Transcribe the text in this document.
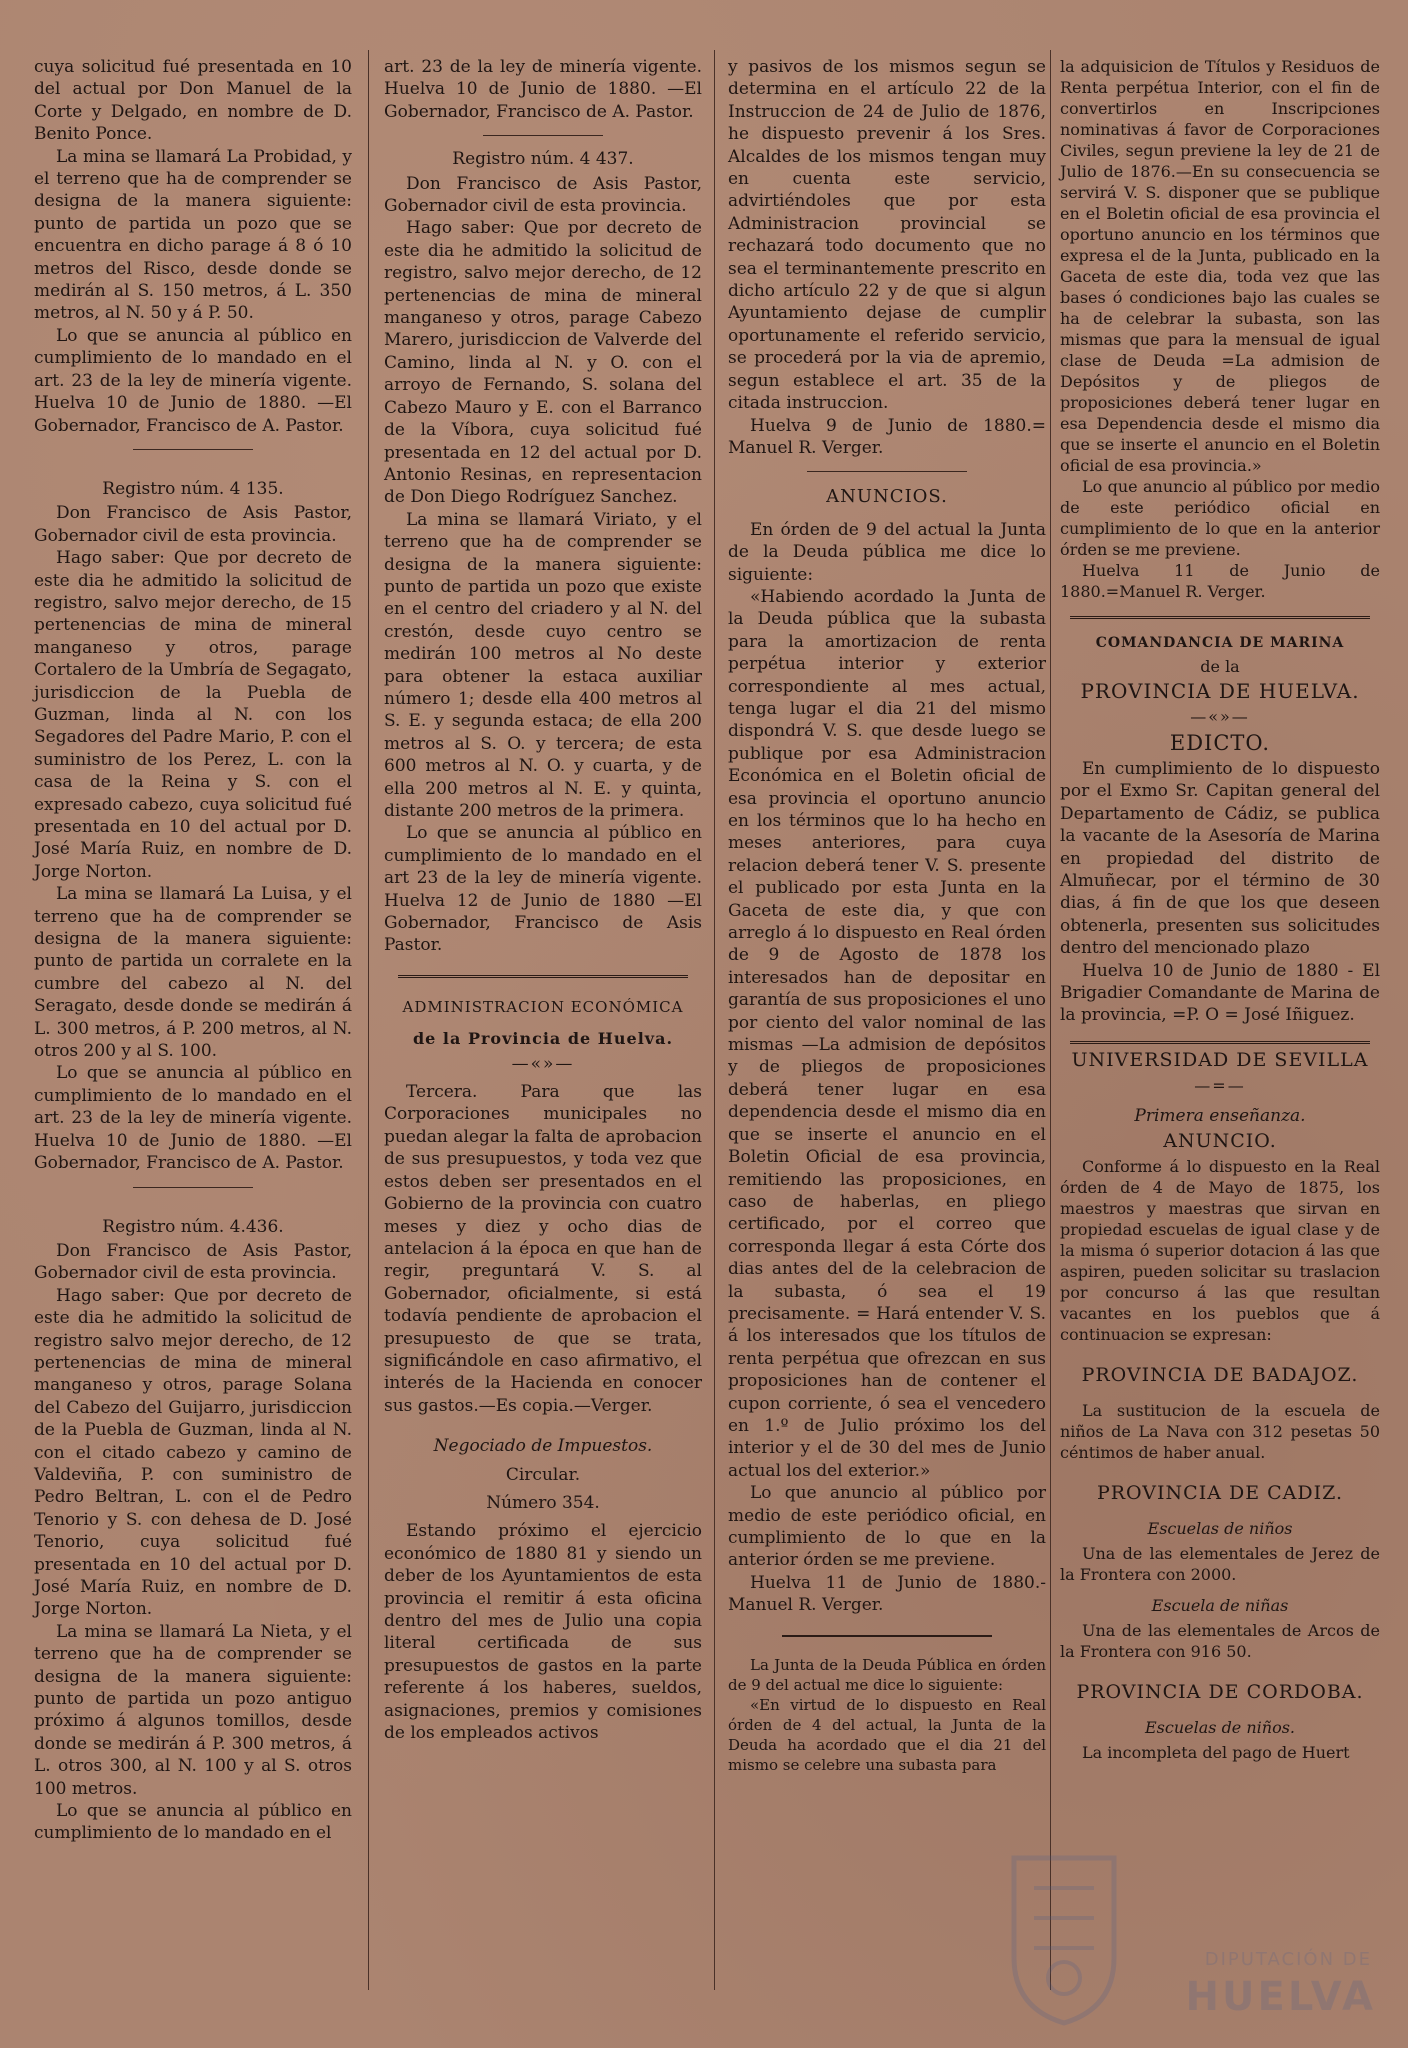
cuya solicitud fué presentada en 10 del actual por Don Manuel de la Corte y Delgado, en nombre de D. Benito Ponce.

La mina se llamará La Probidad, y el terreno que ha de comprender se designa de la manera siguiente: punto de partida un pozo que se encuentra en dicho parage á 8 ó 10 metros del Risco, desde donde se medirán al S. 150 metros, á L. 350 metros, al N. 50 y á P. 50.

Lo que se anuncia al público en cumplimiento de lo mandado en el art. 23 de la ley de minería vigente. Huelva 10 de Junio de 1880. —El Gobernador, Francisco de A. Pastor.

Registro núm. 4 135.

Don Francisco de Asis Pastor, Gobernador civil de esta provincia.

Hago saber: Que por decreto de este dia he admitido la solicitud de registro, salvo mejor derecho, de 15 pertenencias de mina de mineral manganeso y otros, parage Cortalero de la Umbría de Segagato, jurisdiccion de la Puebla de Guzman, linda al N. con los Segadores del Padre Mario, P. con el suministro de los Perez, L. con la casa de la Reina y S. con el expresado cabezo, cuya solicitud fué presentada en 10 del actual por D. José María Ruiz, en nombre de D. Jorge Norton.

La mina se llamará La Luisa, y el terreno que ha de comprender se designa de la manera siguiente: punto de partida un corralete en la cumbre del cabezo al N. del Seragato, desde donde se medirán á L. 300 metros, á P. 200 metros, al N. otros 200 y al S. 100.

Lo que se anuncia al público en cumplimiento de lo mandado en el art. 23 de la ley de minería vigente. Huelva 10 de Junio de 1880. —El Gobernador, Francisco de A. Pastor.

Registro núm. 4.436.

Don Francisco de Asis Pastor, Gobernador civil de esta provincia.

Hago saber: Que por decreto de este dia he admitido la solicitud de registro salvo mejor derecho, de 12 pertenencias de mina de mineral manganeso y otros, parage Solana del Cabezo del Guijarro, jurisdiccion de la Puebla de Guzman, linda al N. con el citado cabezo y camino de Valdeviña, P. con suministro de Pedro Beltran, L. con el de Pedro Tenorio y S. con dehesa de D. José Tenorio, cuya solicitud fué presentada en 10 del actual por D. José María Ruiz, en nombre de D. Jorge Norton.

La mina se llamará La Nieta, y el terreno que ha de comprender se designa de la manera siguiente: punto de partida un pozo antiguo próximo á algunos tomillos, desde donde se medirán á P. 300 metros, á L. otros 300, al N. 100 y al S. otros 100 metros.

Lo que se anuncia al público en cumplimiento de lo mandado en el

art. 23 de la ley de minería vigente. Huelva 10 de Junio de 1880. —El Gobernador, Francisco de A. Pastor.

Registro núm. 4 437.

Don Francisco de Asis Pastor, Gobernador civil de esta provincia.

Hago saber: Que por decreto de este dia he admitido la solicitud de registro, salvo mejor derecho, de 12 pertenencias de mina de mineral manganeso y otros, parage Cabezo Marero, jurisdiccion de Valverde del Camino, linda al N. y O. con el arroyo de Fernando, S. solana del Cabezo Mauro y E. con el Barranco de la Víbora, cuya solicitud fué presentada en 12 del actual por D. Antonio Resinas, en representacion de Don Diego Rodríguez Sanchez.

La mina se llamará Viriato, y el terreno que ha de comprender se designa de la manera siguiente: punto de partida un pozo que existe en el centro del criadero y al N. del crestón, desde cuyo centro se medirán 100 metros al No deste para obtener la estaca auxiliar número 1; desde ella 400 metros al S. E. y segunda estaca; de ella 200 metros al S. O. y tercera; de esta 600 metros al N. O. y cuarta, y de ella 200 metros al N. E. y quinta, distante 200 metros de la primera.

Lo que se anuncia al público en cumplimiento de lo mandado en el art 23 de la ley de minería vigente. Huelva 12 de Junio de 1880 —El Gobernador, Francisco de Asis Pastor.

ADMINISTRACION ECONÓMICA

de la Provincia de Huelva.

—«»—

Tercera. Para que las Corporaciones municipales no puedan alegar la falta de aprobacion de sus presupuestos, y toda vez que estos deben ser presentados en el Gobierno de la provincia con cuatro meses y diez y ocho dias de antelacion á la época en que han de regir, preguntará V. S. al Gobernador, oficialmente, si está todavía pendiente de aprobacion el presupuesto de que se trata, significándole en caso afirmativo, el interés de la Hacienda en conocer sus gastos.—Es copia.—Verger.

Negociado de Impuestos.

Circular.

Número 354.

Estando próximo el ejercicio económico de 1880 81 y siendo un deber de los Ayuntamientos de esta provincia el remitir á esta oficina dentro del mes de Julio una copia literal certificada de sus presupuestos de gastos en la parte referente á los haberes, sueldos, asignaciones, premios y comisiones de los empleados activos

y pasivos de los mismos segun se determina en el artículo 22 de la Instruccion de 24 de Julio de 1876, he dispuesto prevenir á los Sres. Alcaldes de los mismos tengan muy en cuenta este servicio, advirtiéndoles que por esta Administracion provincial se rechazará todo documento que no sea el terminantemente prescrito en dicho artículo 22 y de que si algun Ayuntamiento dejase de cumplir oportunamente el referido servicio, se procederá por la via de apremio, segun establece el art. 35 de la citada instruccion.

Huelva 9 de Junio de 1880.= Manuel R. Verger.

ANUNCIOS.

En órden de 9 del actual la Junta de la Deuda pública me dice lo siguiente:

«Habiendo acordado la Junta de la Deuda pública que la subasta para la amortizacion de renta perpétua interior y exterior correspondiente al mes actual, tenga lugar el dia 21 del mismo dispondrá V. S. que desde luego se publique por esa Administracion Económica en el Boletin oficial de esa provincia el oportuno anuncio en los términos que lo ha hecho en meses anteriores, para cuya relacion deberá tener V. S. presente el publicado por esta Junta en la Gaceta de este dia, y que con arreglo á lo dispuesto en Real órden de 9 de Agosto de 1878 los interesados han de depositar en garantía de sus proposiciones el uno por ciento del valor nominal de las mismas —La admision de depósitos y de pliegos de proposiciones deberá tener lugar en esa dependencia desde el mismo dia en que se inserte el anuncio en el Boletin Oficial de esa provincia, remitiendo las proposiciones, en caso de haberlas, en pliego certificado, por el correo que corresponda llegar á esta Córte dos dias antes del de la celebracion de la subasta, ó sea el 19 precisamente. = Hará entender V. S. á los interesados que los títulos de renta perpétua que ofrezcan en sus proposiciones han de contener el cupon corriente, ó sea el vencedero en 1.º de Julio próximo los del interior y el de 30 del mes de Junio actual los del exterior.»

Lo que anuncio al público por medio de este periódico oficial, en cumplimiento de lo que en la anterior órden se me previene.

Huelva 11 de Junio de 1880.- Manuel R. Verger.

La Junta de la Deuda Pública en órden de 9 del actual me dice lo siguiente:

«En virtud de lo dispuesto en Real órden de 4 del actual, la Junta de la Deuda ha acordado que el dia 21 del mismo se celebre una subasta para

la adquisicion de Títulos y Residuos de Renta perpétua Interior, con el fin de convertirlos en Inscripciones nominativas á favor de Corporaciones Civiles, segun previene la ley de 21 de Julio de 1876.—En su consecuencia se servirá V. S. disponer que se publique en el Boletin oficial de esa provincia el oportuno anuncio en los términos que expresa el de la Junta, publicado en la Gaceta de este dia, toda vez que las bases ó condiciones bajo las cuales se ha de celebrar la subasta, son las mismas que para la mensual de igual clase de Deuda =La admision de Depósitos y de pliegos de proposiciones deberá tener lugar en esa Dependencia desde el mismo dia que se inserte el anuncio en el Boletin oficial de esa provincia.»

Lo que anuncio al público por medio de este periódico oficial en cumplimiento de lo que en la anterior órden se me previene.

Huelva 11 de Junio de 1880.=Manuel R. Verger.

COMANDANCIA DE MARINA

de la

PROVINCIA DE HUELVA.

—«»—

EDICTO.

En cumplimiento de lo dispuesto por el Exmo Sr. Capitan general del Departamento de Cádiz, se publica la vacante de la Asesoría de Marina en propiedad del distrito de Almuñecar, por el término de 30 dias, á fin de que los que deseen obtenerla, presenten sus solicitudes dentro del mencionado plazo

Huelva 10 de Junio de 1880 - El Brigadier Comandante de Marina de la provincia, =P. O = José Iñiguez.

UNIVERSIDAD DE SEVILLA

—=—

Primera enseñanza.

ANUNCIO.

Conforme á lo dispuesto en la Real órden de 4 de Mayo de 1875, los maestros y maestras que sirvan en propiedad escuelas de igual clase y de la misma ó superior dotacion á las que aspiren, pueden solicitar su traslacion por concurso á las que resultan vacantes en los pueblos que á continuacion se expresan:

PROVINCIA DE BADAJOZ.

La sustitucion de la escuela de niños de La Nava con 312 pesetas 50 céntimos de haber anual.

PROVINCIA DE CADIZ.

Escuelas de niños

Una de las elementales de Jerez de la Frontera con 2000.

Escuela de niñas

Una de las elementales de Arcos de la Frontera con 916 50.

PROVINCIA DE CORDOBA.

Escuelas de niños.

La incompleta del pago de Huert

DIPUTACIÓN DE
HUELVA
